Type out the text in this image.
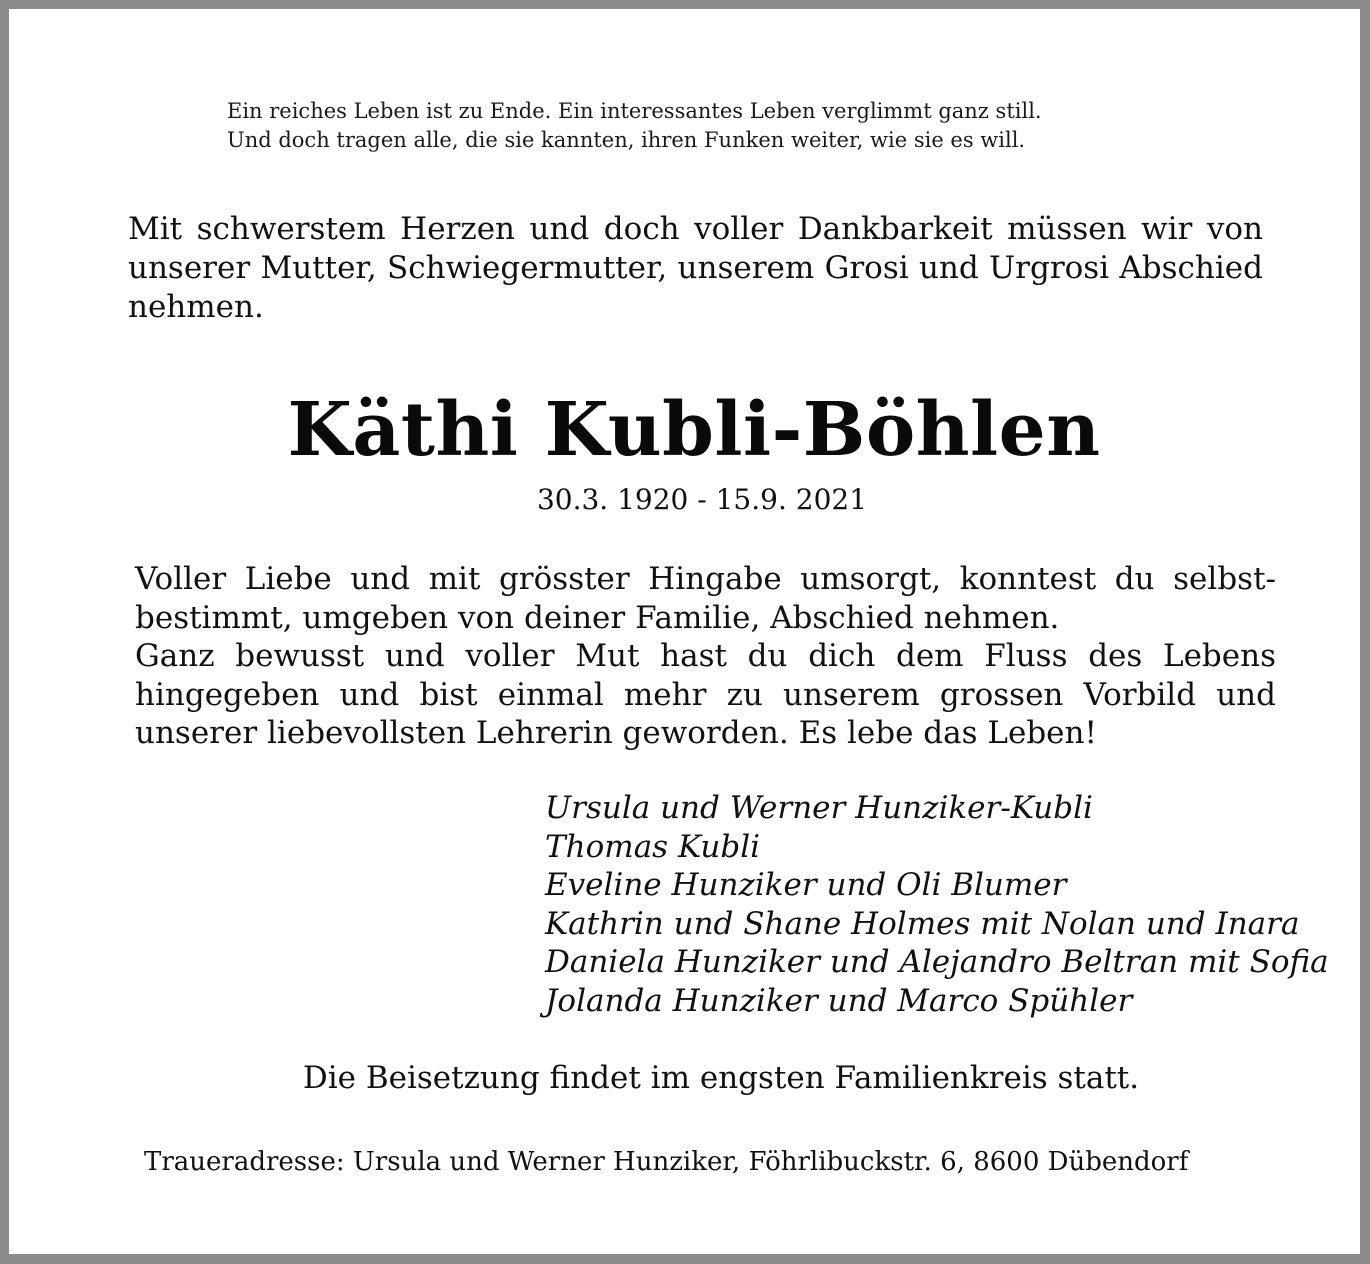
Ein reiches Leben ist zu Ende. Ein interessantes Leben verglimmt ganz still.
Und doch tragen alle, die sie kannten, ihren Funken weiter, wie sie es will.
Mit schwerstem Herzen und doch voller Dankbarkeit müssen wir von unserer Mutter, Schwiegermutter, unserem Grosi und Urgrosi Abschied nehmen.
Käthi Kubli-Böhlen
30.3. 1920 - 15.9. 2021
Voller Liebe und mit grösster Hingabe umsorgt, konntest du selbst-bestimmt, umgeben von deiner Familie, Abschied nehmen.
Ganz bewusst und voller Mut hast du dich dem Fluss des Lebens hingegeben und bist einmal mehr zu unserem grossen Vorbild und unserer liebevollsten Lehrerin geworden. Es lebe das Leben!
Ursula und Werner Hunziker-Kubli
Thomas Kubli
Eveline Hunziker und Oli Blumer
Kathrin und Shane Holmes mit Nolan und Inara
Daniela Hunziker und Alejandro Beltran mit Sofia
Jolanda Hunziker und Marco Spühler
Die Beisetzung findet im engsten Familienkreis statt.
Traueradresse: Ursula und Werner Hunziker, Föhrlibuckstr. 6, 8600 Dübendorf
